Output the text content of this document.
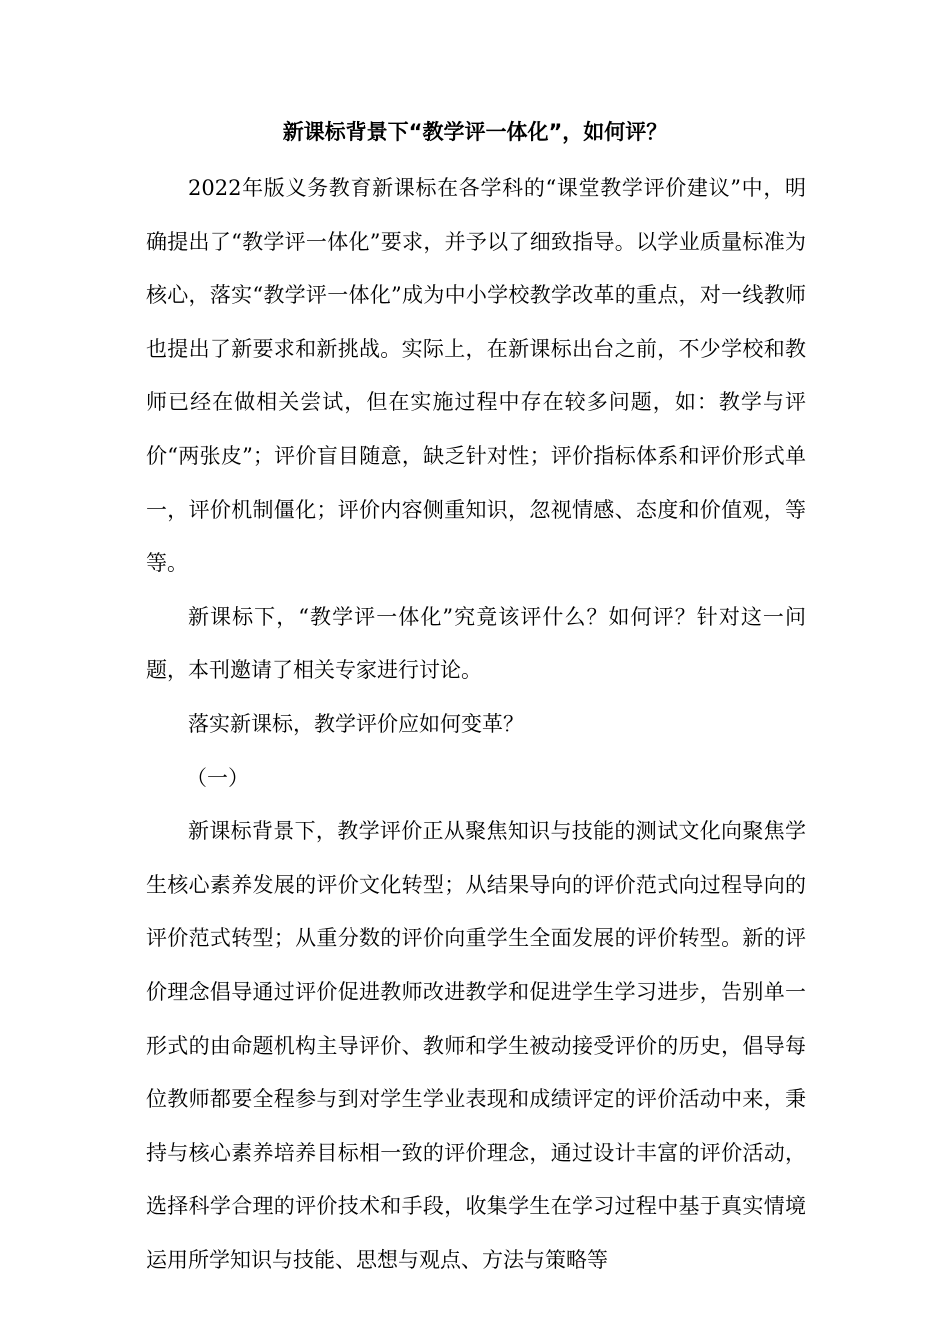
新课标背景下“教学评一体化”，如何评？

2022年版义务教育新课标在各学科的“课堂教学评价建议”中，明确提出了“教学评一体化”要求，并予以了细致指导。以学业质量标准为核心，落实“教学评一体化”成为中小学校教学改革的重点，对一线教师也提出了新要求和新挑战。实际上，在新课标出台之前，不少学校和教师已经在做相关尝试，但在实施过程中存在较多问题，如：教学与评价“两张皮”；评价盲目随意，缺乏针对性；评价指标体系和评价形式单一，评价机制僵化；评价内容侧重知识，忽视情感、态度和价值观，等等。

新课标下，“教学评一体化”究竟该评什么？如何评？针对这一问题，本刊邀请了相关专家进行讨论。

落实新课标，教学评价应如何变革？

（一）

新课标背景下，教学评价正从聚焦知识与技能的测试文化向聚焦学生核心素养发展的评价文化转型；从结果导向的评价范式向过程导向的评价范式转型；从重分数的评价向重学生全面发展的评价转型。新的评价理念倡导通过评价促进教师改进教学和促进学生学习进步，告别单一形式的由命题机构主导评价、教师和学生被动接受评价的历史，倡导每位教师都要全程参与到对学生学业表现和成绩评定的评价活动中来，秉持与核心素养培养目标相一致的评价理念，通过设计丰富的评价活动，选择科学合理的评价技术和手段，收集学生在学习过程中基于真实情境运用所学知识与技能、思想与观点、方法与策略等
